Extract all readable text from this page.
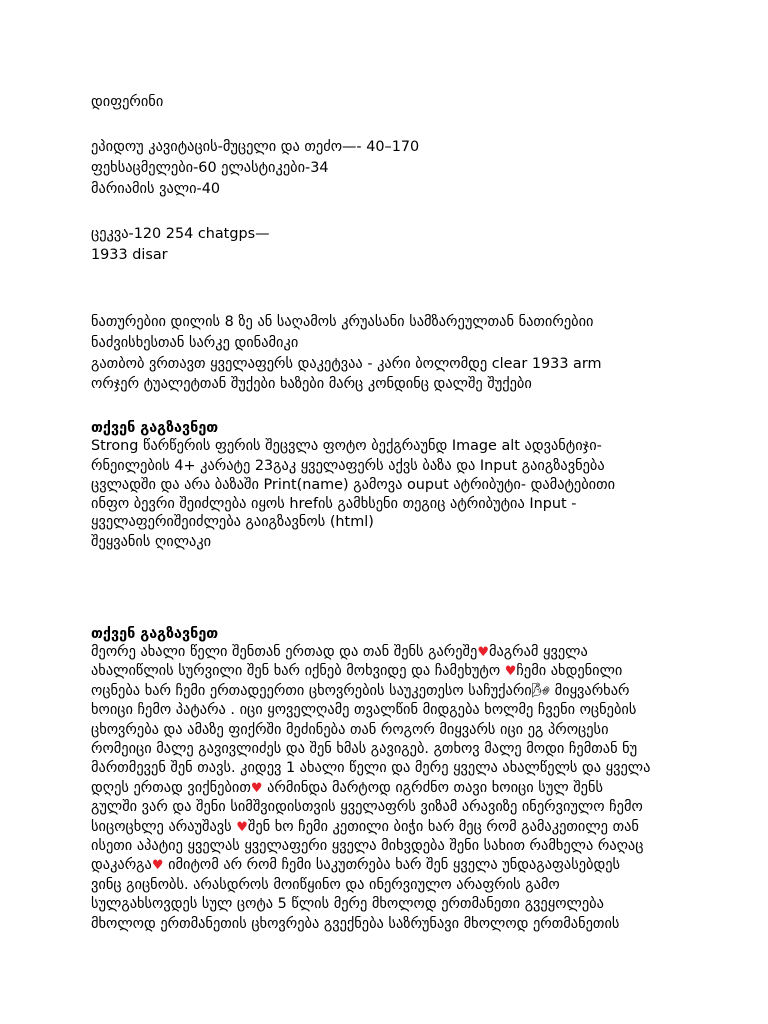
დიფერინი
ეპიდოუ კავიტაცის-მუცელი და თეძო—- 40–170
ფეხსაცმელები-60 ელასტიკები-34
მარიამის ვალი-40
ცეკვა-120 254 chatgps—
1933 disar
ნათურებიი დილის 8 ზე ან საღამოს კრუასანი სამზარეულთან ნათირებიი
ნაძვისხესთან სარკე დინამიკი
გათბობ ვრთავთ ყველაფერს დაკეტვაა - კარი ბოლომდე clear 1933 arm
ორჯერ ტუალეტთან შუქები ხაზები მარც კონდინც დალშე შუქები
თქვენ გაგზავნეთ
Strong წარწერის ფერის შეცვლა ფოტო ბექგრაუნდ Image alt ადვანტიჯი-
რნეილების 4+ კარატე 23გაკ ყველაფერს აქვს ბაზა და Input გაიგზავნება
ცვლადში და არა ბაზაში Print(name) გამოვა ouput ატრიბუტი- დამატებითი
ინფო ბევრი შეიძლება იყოს hrefის გამხსენი თეგიც ატრიბუტია Input -
ყველაფერიშეიძლება გაიგზავნოს (html)
შეყვანის ღილაკი
თქვენ გაგზავნეთ
მეორე ახალი წელი შენთან ერთად და თან შენს გარეშე♥მაგრამ ყველა
ახალიწლის სურვილი შენ ხარ იქნებ მოხვიდე და ჩამეხუტო ♥ჩემი ახდენილი
ოცნება ხარ ჩემი ერთადეერთი ცხოვრების საუკეთესო საჩუქარი🌬 მიყვარხარ
ხოიცი ჩემო პატარა . იცი ყოველღამე თვალწინ მიდგება ხოლმე ჩვენი ოცნების
ცხოვრება და ამაზე ფიქრში მეძინება თან როგორ მიყვარს იცი ეგ პროცესი
რომეიცი მალე გავივლიძეს და შენ ხმას გავიგებ. გთხოვ მალე მოდი ჩემთან ნუ
მართმევენ შენ თავს. კიდევ 1 ახალი წელი და მერე ყველა ახალწელს და ყველა
დღეს ერთად ვიქნებით♥ არმინდა მარტოდ იგრძნო თავი ხოიცი სულ შენს
გულში ვარ და შენი სიმშვიდისთვის ყველაფრს ვიზამ არავიზე ინერვიულო ჩემო
სიცოცხლე არაუშავს ♥შენ ხო ჩემი კეთილი ბიჭი ხარ მეც რომ გამაკეთილე თან
ისეთი აპატიე ყველას ყველაფერი ყველა მიხვდება შენი სახით რამხელა რაღაც
დაკარგა♥ იმიტომ არ რომ ჩემი საკუთრება ხარ შენ ყველა უნდაგაფასებდეს
ვინც გიცნობს. არასდროს მოიწყინო და ინერვიულო არაფრის გამო
სულგახსოვდეს სულ ცოტა 5 წლის მერე მხოლოდ ერთმანეთი გვეყოლება
მხოლოდ ერთმანეთის ცხოვრება გვექნება საზრუნავი მხოლოდ ერთმანეთის
